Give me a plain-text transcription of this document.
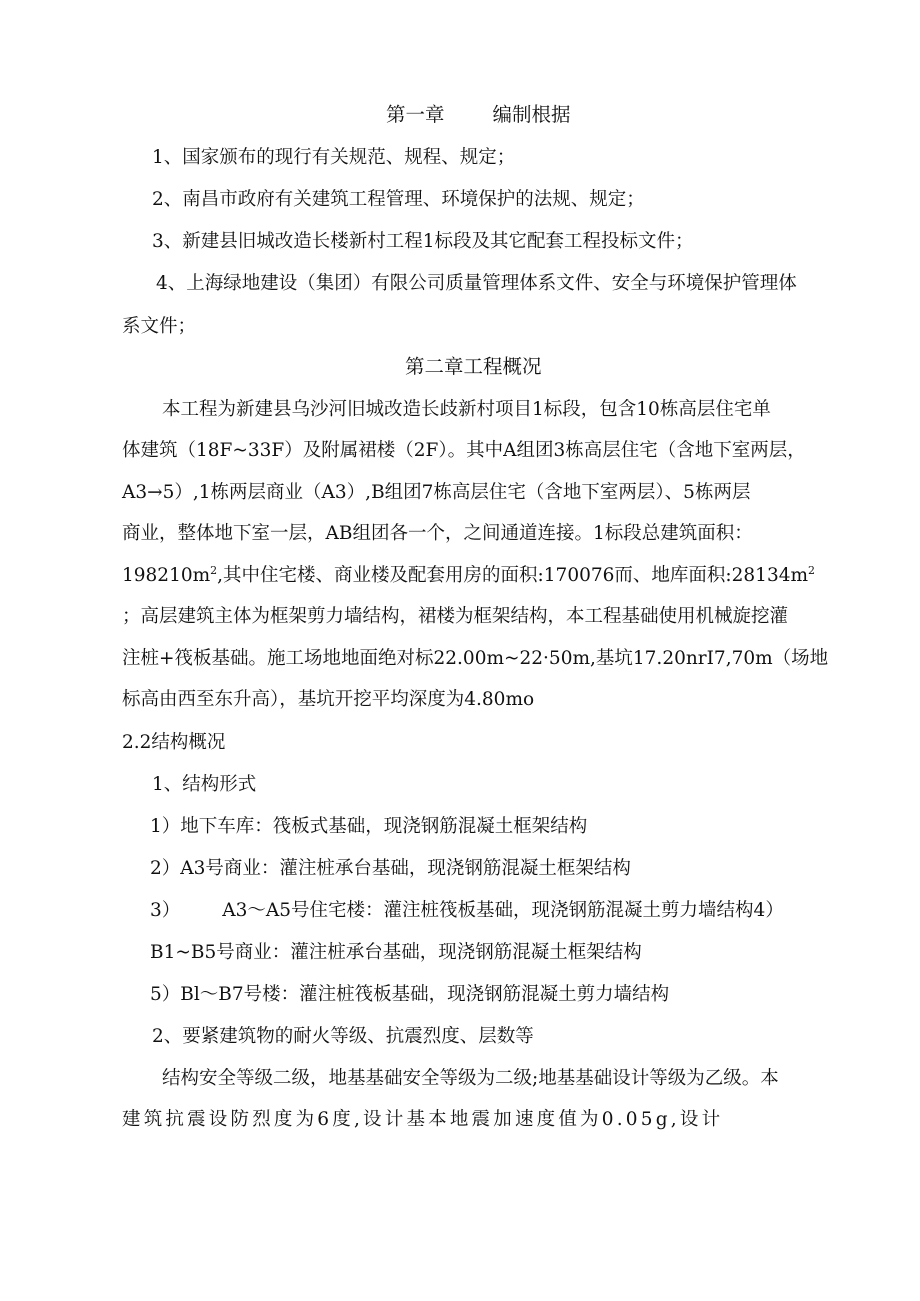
第一章 编制根据
1、国家颁布的现行有关规范、规程、规定；
2、南昌市政府有关建筑工程管理、环境保护的法规、规定；
3、新建县旧城改造长楼新村工程1标段及其它配套工程投标文件；
4、上海绿地建设（集团）有限公司质量管理体系文件、安全与环境保护管理体
系文件；
第二章工程概况
本工程为新建县乌沙河旧城改造长歧新村项目1标段，包含10栋高层住宅单
体建筑（18F~33F）及附属裙楼（2F）。其中A组团3栋高层住宅（含地下室两层，
A3→5）,1栋两层商业（A3）,B组团7栋高层住宅（含地下室两层）、5栋两层
商业，整体地下室一层，AB组团各一个，之间通道连接。1标段总建筑面积：
$198210m^2$,其中住宅楼、商业楼及配套用房的面积:170076而、地库面积$:28134m^2$
；高层建筑主体为框架剪力墙结构，裙楼为框架结构，本工程基础使用机械旋挖灌
注桩+筏板基础。施工场地地面绝对标22.00m~22·50m,基坑17.20nrI7,70m（场地
标高由西至东升高），基坑开挖平均深度为4.80mo
2.2结构概况
1、结构形式
1）地下车库：筏板式基础，现浇钢筋混凝土框架结构
2）A3号商业：灌注桩承台基础，现浇钢筋混凝土框架结构
3） A3～A5号住宅楼：灌注桩筏板基础，现浇钢筋混凝土剪力墙结构4）
B1~B5号商业：灌注桩承台基础，现浇钢筋混凝土框架结构
5）Bl～B7号楼：灌注桩筏板基础，现浇钢筋混凝土剪力墙结构
2、要紧建筑物的耐火等级、抗震烈度、层数等
结构安全等级二级，地基基础安全等级为二级;地基基础设计等级为乙级。本
建筑抗震设防烈度为6度,设计基本地震加速度值为0.05g,设计
